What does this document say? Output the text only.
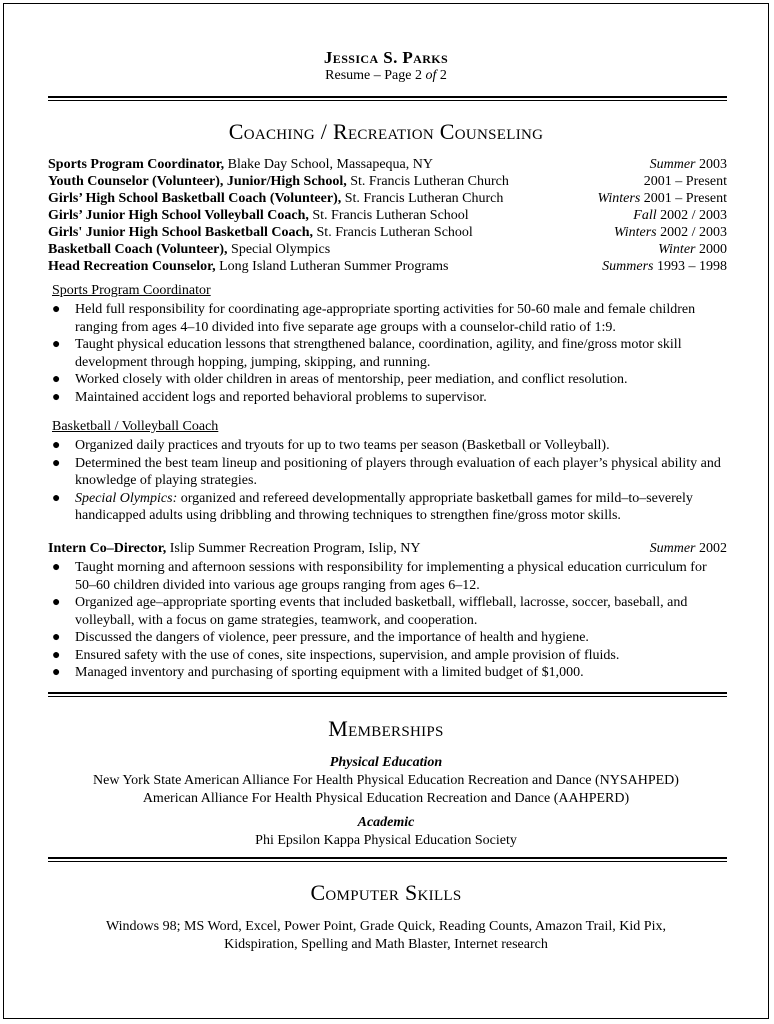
Jessica S. Parks
Resume – Page 2 of 2
Coaching / Recreation Counseling
Sports Program Coordinator, Blake Day School, Massapequa, NY	Summer 2003
Youth Counselor (Volunteer), Junior/High School, St. Francis Lutheran Church	2001 – Present
Girls’ High School Basketball Coach (Volunteer), St. Francis Lutheran Church	Winters 2001 – Present
Girls’ Junior High School Volleyball Coach, St. Francis Lutheran School	Fall 2002 / 2003
Girls' Junior High School Basketball Coach, St. Francis Lutheran School	Winters 2002 / 2003
Basketball Coach (Volunteer), Special Olympics	Winter 2000
Head Recreation Counselor, Long Island Lutheran Summer Programs	Summers 1993 – 1998
Sports Program Coordinator
● Held full responsibility for coordinating age-appropriate sporting activities for 50-60 male and female children ranging from ages 4–10 divided into five separate age groups with a counselor-child ratio of 1:9.
● Taught physical education lessons that strengthened balance, coordination, agility, and fine/gross motor skill development through hopping, jumping, skipping, and running.
● Worked closely with older children in areas of mentorship, peer mediation, and conflict resolution.
● Maintained accident logs and reported behavioral problems to supervisor.
Basketball / Volleyball Coach
● Organized daily practices and tryouts for up to two teams per season (Basketball or Volleyball).
● Determined the best team lineup and positioning of players through evaluation of each player’s physical ability and knowledge of playing strategies.
● Special Olympics: organized and refereed developmentally appropriate basketball games for mild–to–severely handicapped adults using dribbling and throwing techniques to strengthen fine/gross motor skills.
Intern Co–Director, Islip Summer Recreation Program, Islip, NY	Summer 2002
● Taught morning and afternoon sessions with responsibility for implementing a physical education curriculum for 50–60 children divided into various age groups ranging from ages 6–12.
● Organized age–appropriate sporting events that included basketball, wiffleball, lacrosse, soccer, baseball, and volleyball, with a focus on game strategies, teamwork, and cooperation.
● Discussed the dangers of violence, peer pressure, and the importance of health and hygiene.
● Ensured safety with the use of cones, site inspections, supervision, and ample provision of fluids.
● Managed inventory and purchasing of sporting equipment with a limited budget of $1,000.
Memberships
Physical Education
New York State American Alliance For Health Physical Education Recreation and Dance (NYSAHPED)
American Alliance For Health Physical Education Recreation and Dance (AAHPERD)
Academic
Phi Epsilon Kappa Physical Education Society
Computer Skills
Windows 98; MS Word, Excel, Power Point, Grade Quick, Reading Counts, Amazon Trail, Kid Pix,
Kidspiration, Spelling and Math Blaster, Internet research
